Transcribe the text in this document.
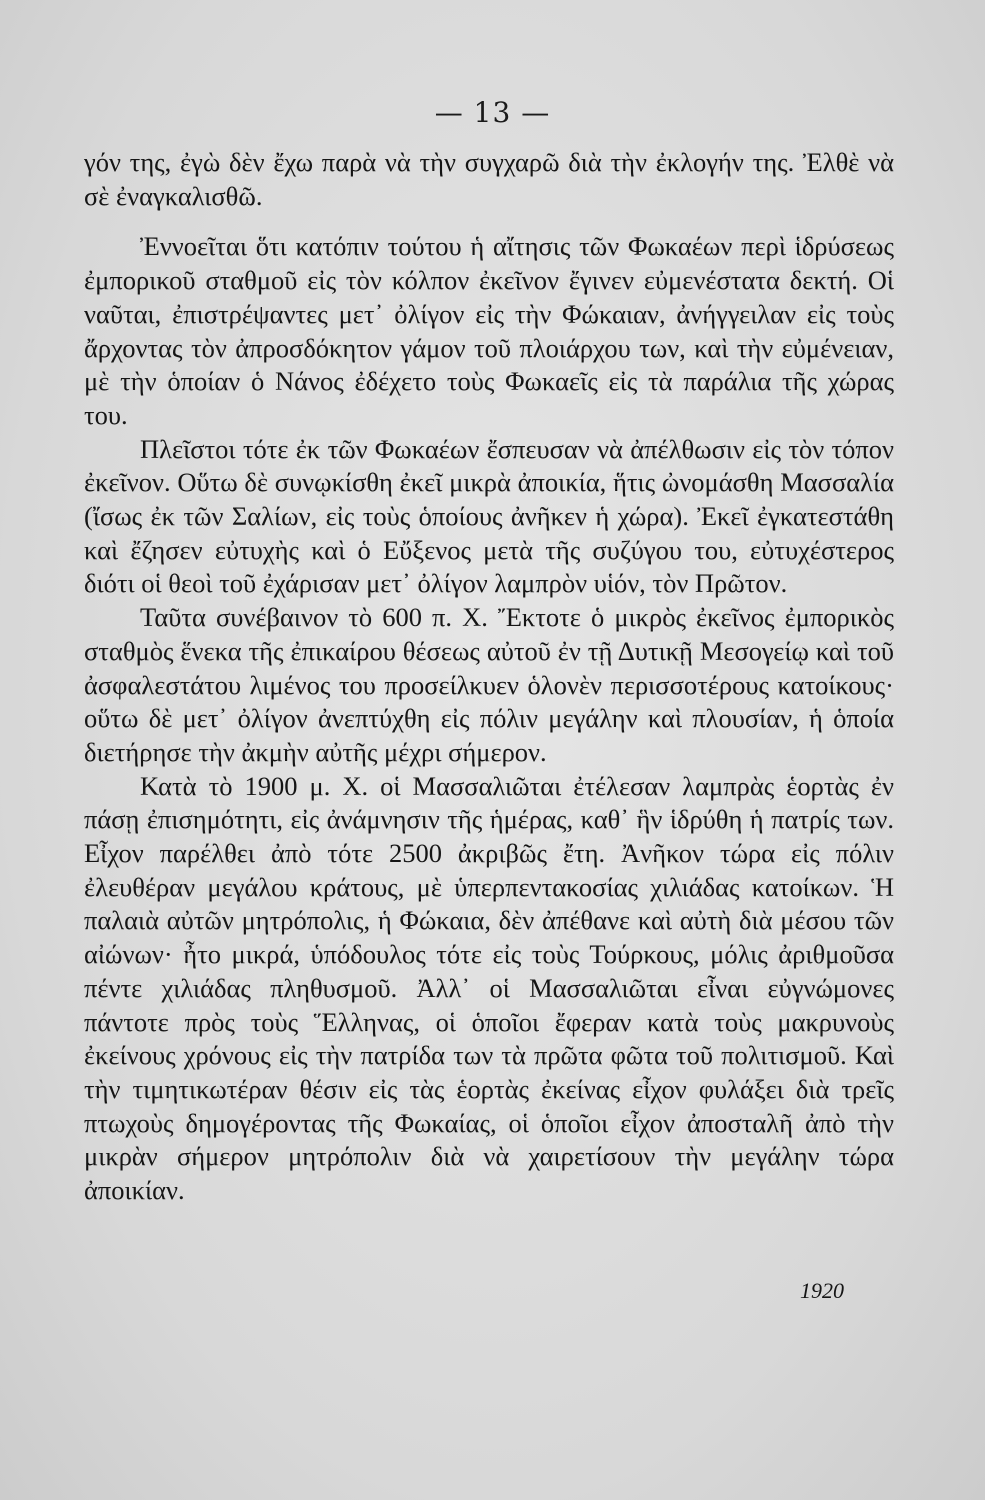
— 13 —

γόν της, ἐγὼ δὲν ἔχω παρὰ νὰ τὴν συγχαρῶ διὰ τὴν ἐκλογήν της. Ἐλθὲ νὰ σὲ ἐναγκαλισθῶ.

Ἐννοεῖται ὅτι κατόπιν τούτου ἡ αἴτησις τῶν Φωκαέων περὶ ἱδρύσεως ἐμπορικοῦ σταθμοῦ εἰς τὸν κόλπον ἐκεῖνον ἔγινεν εὐμενέστατα δεκτή. Οἱ ναῦται, ἐπιστρέψαντες μετ᾽ ὀλίγον εἰς τὴν Φώκαιαν, ἀνήγγειλαν εἰς τοὺς ἄρχοντας τὸν ἀπροσδόκητον γάμον τοῦ πλοιάρχου των, καὶ τὴν εὐμένειαν, μὲ τὴν ὁποίαν ὁ Νάνος ἐδέχετο τοὺς Φωκαεῖς εἰς τὰ παράλια τῆς χώρας του.

Πλεῖστοι τότε ἐκ τῶν Φωκαέων ἔσπευσαν νὰ ἀπέλθωσιν εἰς τὸν τόπον ἐκεῖνον. Οὕτω δὲ συνῳκίσθη ἐκεῖ μικρὰ ἀποικία, ἥτις ὠνομάσθη Μασσαλία (ἴσως ἐκ τῶν Σαλίων, εἰς τοὺς ὁποίους ἀνῆκεν ἡ χώρα). Ἐκεῖ ἐγκατεστάθη καὶ ἔζησεν εὐτυχὴς καὶ ὁ Εὔξενος μετὰ τῆς συζύγου του, εὐτυχέστερος διότι οἱ θεοὶ τοῦ ἐχάρισαν μετ᾽ ὀλίγον λαμπρὸν υἱόν, τὸν Πρῶτον.

Ταῦτα συνέβαινον τὸ 600 π. Χ. Ἔκτοτε ὁ μικρὸς ἐκεῖνος ἐμπορικὸς σταθμὸς ἕνεκα τῆς ἐπικαίρου θέσεως αὐτοῦ ἐν τῇ Δυτικῇ Μεσογείῳ καὶ τοῦ ἀσφαλεστάτου λιμένος του προσείλκυεν ὁλονὲν περισσοτέρους κατοίκους· οὕτω δὲ μετ᾽ ὀλίγον ἀνεπτύχθη εἰς πόλιν μεγάλην καὶ πλουσίαν, ἡ ὁποία διετήρησε τὴν ἀκμὴν αὐτῆς μέχρι σήμερον.

Κατὰ τὸ 1900 μ. Χ. οἱ Μασσαλιῶται ἐτέλεσαν λαμπρὰς ἑορτὰς ἐν πάσῃ ἐπισημότητι, εἰς ἀνάμνησιν τῆς ἡμέρας, καθ᾽ ἣν ἱδρύθη ἡ πατρίς των. Εἶχον παρέλθει ἀπὸ τότε 2500 ἀκριβῶς ἔτη. Ἀνῆκον τώρα εἰς πόλιν ἐλευθέραν μεγάλου κράτους, μὲ ὑπερπεντακοσίας χιλιάδας κατοίκων. Ἡ παλαιὰ αὐτῶν μητρόπολις, ἡ Φώκαια, δὲν ἀπέθανε καὶ αὐτὴ διὰ μέσου τῶν αἰώνων· ἦτο μικρά, ὑπόδουλος τότε εἰς τοὺς Τούρκους, μόλις ἀριθμοῦσα πέντε χιλιάδας πληθυσμοῦ. Ἀλλ᾽ οἱ Μασσαλιῶται εἶναι εὐγνώμονες πάντοτε πρὸς τοὺς Ἕλληνας, οἱ ὁποῖοι ἔφεραν κατὰ τοὺς μακρυνοὺς ἐκείνους χρόνους εἰς τὴν πατρίδα των τὰ πρῶτα φῶτα τοῦ πολιτισμοῦ. Καὶ τὴν τιμητικωτέραν θέσιν εἰς τὰς ἑορτὰς ἐκείνας εἶχον φυλάξει διὰ τρεῖς πτωχοὺς δημογέροντας τῆς Φωκαίας, οἱ ὁποῖοι εἶχον ἀποσταλῆ ἀπὸ τὴν μικρὰν σήμερον μητρόπολιν διὰ νὰ χαιρετίσουν τὴν μεγάλην τώρα ἀποικίαν.

1920
